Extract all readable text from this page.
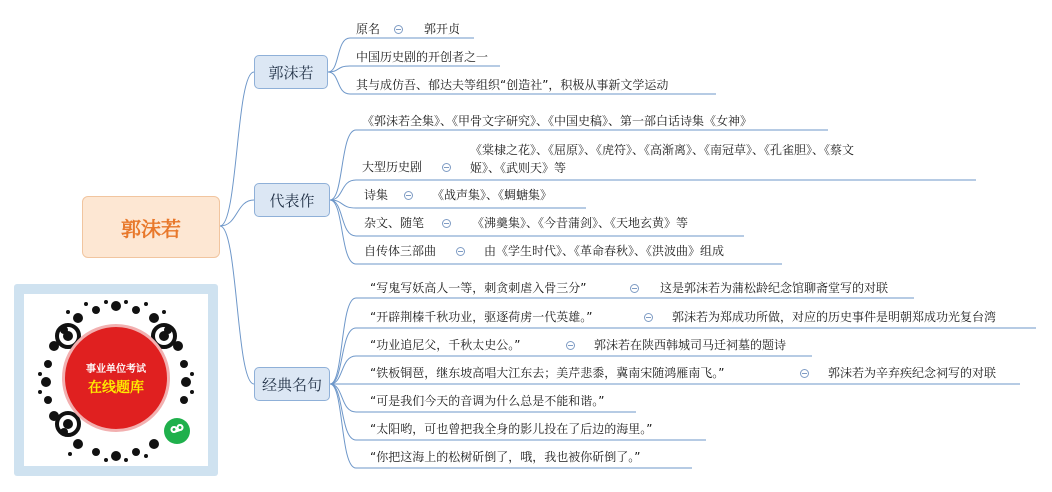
郭沫若
郭沫若
原名	郭开贞
中国历史剧的开创者之一
其与成仿吾、郁达夫等组织“创造社”，积极从事新文学运动
代表作
《郭沫若全集》、《甲骨文字研究》、《中国史稿》、第一部白话诗集《女神》
大型历史剧
《棠棣之花》、《屈原》、《虎符》、《高渐离》、《南冠草》、《孔雀胆》、《蔡文
姬》、《武则天》等
诗集	《战声集》、《蜩螗集》
杂文、随笔	《沸羹集》、《今昔蒲剑》、《天地玄黄》等
自传体三部曲	由《学生时代》、《革命春秋》、《洪波曲》组成
经典名句
“写鬼写妖高人一等，刺贪刺虐入骨三分”	这是郭沫若为蒲松龄纪念馆聊斋堂写的对联
“开辟荆榛千秋功业，驱逐荷虏一代英雄。”	郭沫若为郑成功所做，对应的历史事件是明朝郑成功光复台湾
“功业追尼父，千秋太史公。”	郭沫若在陕西韩城司马迁祠墓的题诗
“铁板铜琶，继东坡高唱大江东去；美芹悲黍，冀南宋随鸿雁南飞。”	郭沫若为辛弃疾纪念祠写的对联
“可是我们今天的音调为什么总是不能和谐。”
“太阳哟，可也曾把我全身的影儿投在了后边的海里。”
“你把这海上的松树斫倒了，哦，我也被你斫倒了。”
事业单位考试
在线题库
